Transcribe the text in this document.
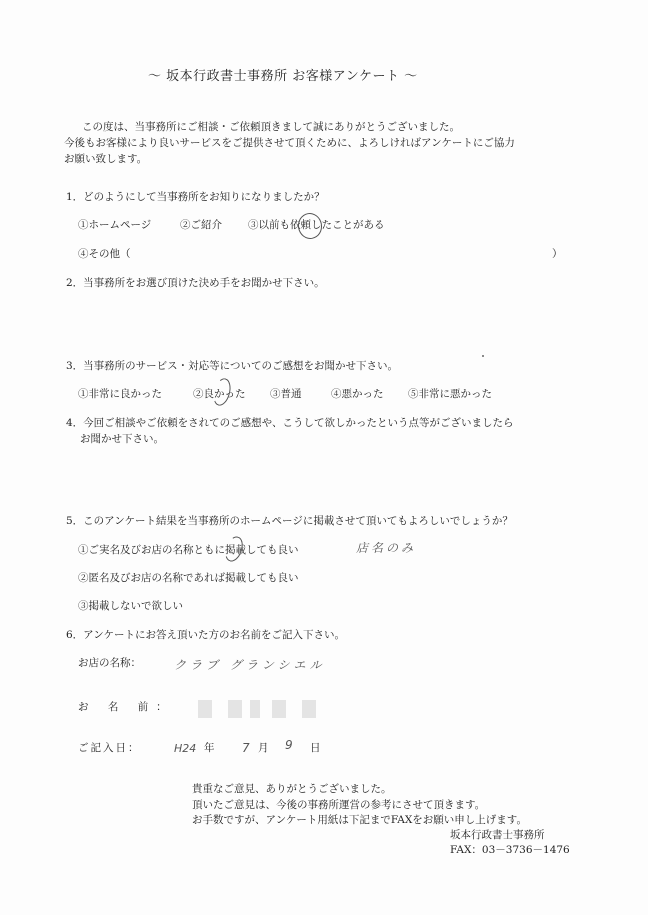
～ 坂本行政書士事務所 お客様アンケート ～
この度は、当事務所にご相談・ご依頼頂きまして誠にありがとうございました。
今後もお客様により良いサービスをご提供させて頂くために、よろしければアンケートにご協力
お願い致します。
1．どのようにして当事務所をお知りになりましたか？
①ホームページ	②ご紹介 ③以前も依頼したことがある
④その他（	）
2．当事務所をお選び頂けた決め手をお聞かせ下さい。
3．当事務所のサービス・対応等についてのご感想をお聞かせ下さい。
①非常に良かった	②良かった ③普通	④悪かった ⑤非常に悪かった
4．今回ご相談やご依頼をされてのご感想や、こうして欲しかったという点等がございましたら
お聞かせ下さい。
5．このアンケート結果を当事務所のホームページに掲載させて頂いてもよろしいでしょうか？
①ご実名及びお店の名称ともに掲載しても良い	店名のみ
②匿名及びお店の名称であれば掲載しても良い
③掲載しないで欲しい
6．アンケートにお答え頂いた方のお名前をご記入下さい。
お店の名称：	クラブ グランシエル
お 名 前：
ご記入日：	H24 年 7 月 9 日
貴重なご意見、ありがとうございました。
頂いたご意見は、今後の事務所運営の参考にさせて頂きます。
お手数ですが、アンケート用紙は下記までFAXをお願い申し上げます。
坂本行政書士事務所
FAX：03－3736－1476
